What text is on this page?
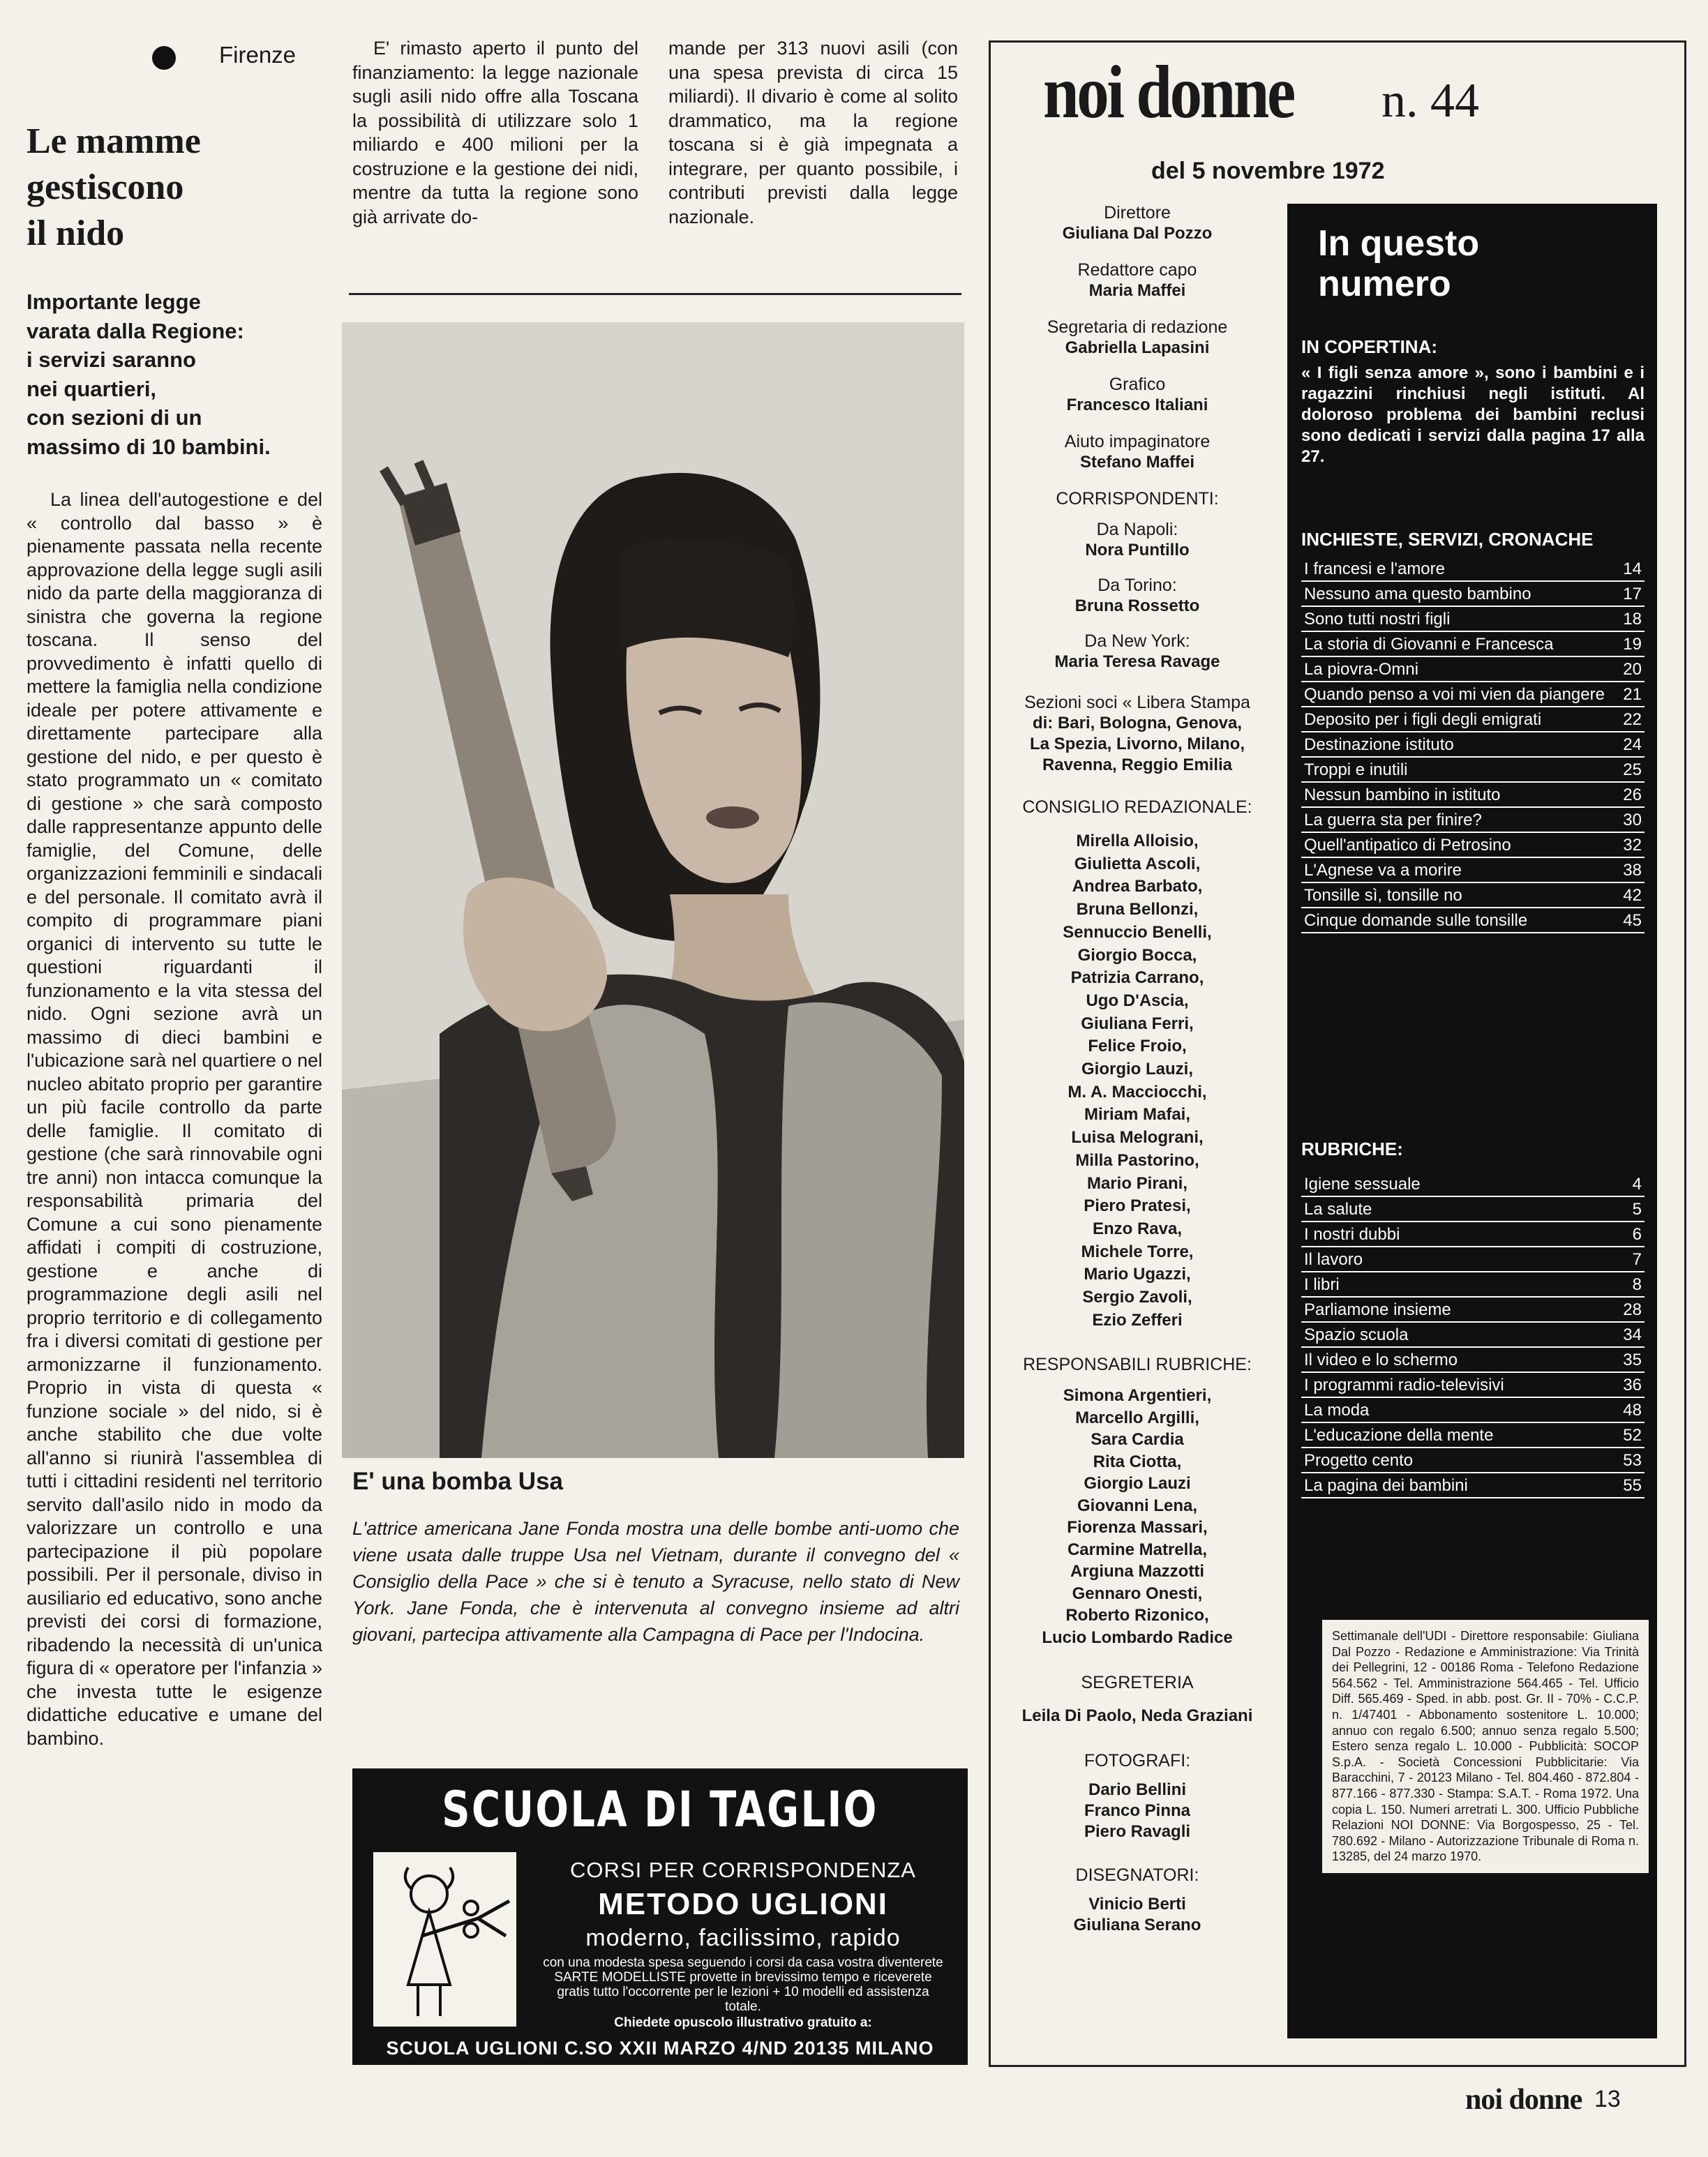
Firenze
Le mamme
gestiscono
il nido
Importante legge
varata dalla Regione:
i servizi saranno
nei quartieri,
con sezioni di un
massimo di 10 bambini.
La linea dell'autogestione e del « controllo dal basso » è pienamente passata nella recente approvazione della legge sugli asili nido da parte della maggioranza di sinistra che governa la regione toscana. Il senso del provvedimento è infatti quello di mettere la famiglia nella condizione ideale per potere attivamente e direttamente partecipare alla gestione del nido, e per questo è stato programmato un « comitato di gestione » che sarà composto dalle rappresentanze appunto delle famiglie, del Comune, delle organizzazioni femminili e sindacali e del personale. Il comitato avrà il compito di programmare piani organici di intervento su tutte le questioni riguardanti il funzionamento e la vita stessa del nido. Ogni sezione avrà un massimo di dieci bambini e l'ubicazione sarà nel quartiere o nel nucleo abitato proprio per garantire un più facile controllo da parte delle famiglie. Il comitato di gestione (che sarà rinnovabile ogni tre anni) non intacca comunque la responsabilità primaria del Comune a cui sono pienamente affidati i compiti di costruzione, gestione e anche di programmazione degli asili nel proprio territorio e di collegamento fra i diversi comitati di gestione per armonizzarne il funzionamento. Proprio in vista di questa « funzione sociale » del nido, si è anche stabilito che due volte all'anno si riunirà l'assemblea di tutti i cittadini residenti nel territorio servito dall'asilo nido in modo da valorizzare un controllo e una partecipazione il più popolare possibili. Per il personale, diviso in ausiliario ed educativo, sono anche previsti dei corsi di formazione, ribadendo la necessità di un'unica figura di « operatore per l'infanzia » che investa tutte le esigenze didattiche educative e umane del bambino.
E' rimasto aperto il punto del finanziamento: la legge nazionale sugli asili nido offre alla Toscana la possibilità di utilizzare solo 1 miliardo e 400 milioni per la costruzione e la gestione dei nidi, mentre da tutta la regione sono già arrivate do-
mande per 313 nuovi asili (con una spesa prevista di circa 15 miliardi). Il divario è come al solito drammatico, ma la regione toscana si è già impegnata a integrare, per quanto possibile, i contributi previsti dalla legge nazionale.
E' una bomba Usa
L'attrice americana Jane Fonda mostra una delle bombe anti-uomo che viene usata dalle truppe Usa nel Vietnam, durante il convegno del « Consiglio della Pace » che si è tenuto a Syracuse, nello stato di New York. Jane Fonda, che è intervenuta al convegno insieme ad altri giovani, partecipa attivamente alla Campagna di Pace per l'Indocina.
SCUOLA DI TAGLIO
CORSI PER CORRISPONDENZA
METODO UGLIONI
moderno, facilissimo, rapido
con una modesta spesa seguendo i corsi da casa vostra diventerete SARTE MODELLISTE provette in brevissimo tempo e riceverete gratis tutto l'occorrente per le lezioni + 10 modelli ed assistenza totale.
Chiedete opuscolo illustrativo gratuito a:
SCUOLA UGLIONI C.SO XXII MARZO 4/ND 20135 MILANO
noi donne n. 44
del 5 novembre 1972
Direttore
Giuliana Dal Pozzo
Redattore capo
Maria Maffei
Segretaria di redazione
Gabriella Lapasini
Grafico
Francesco Italiani
Aiuto impaginatore
Stefano Maffei
CORRISPONDENTI:
Da Napoli:
Nora Puntillo
Da Torino:
Bruna Rossetto
Da New York:
Maria Teresa Ravage
Sezioni soci « Libera Stampa
di: Bari, Bologna, Genova,
La Spezia, Livorno, Milano,
Ravenna, Reggio Emilia
CONSIGLIO REDAZIONALE:
Mirella Alloisio,
Giulietta Ascoli,
Andrea Barbato,
Bruna Bellonzi,
Sennuccio Benelli,
Giorgio Bocca,
Patrizia Carrano,
Ugo D'Ascia,
Giuliana Ferri,
Felice Froio,
Giorgio Lauzi,
M. A. Macciocchi,
Miriam Mafai,
Luisa Melograni,
Milla Pastorino,
Mario Pirani,
Piero Pratesi,
Enzo Rava,
Michele Torre,
Mario Ugazzi,
Sergio Zavoli,
Ezio Zefferi
RESPONSABILI RUBRICHE:
Simona Argentieri,
Marcello Argilli,
Sara Cardia
Rita Ciotta,
Giorgio Lauzi
Giovanni Lena,
Fiorenza Massari,
Carmine Matrella,
Argiuna Mazzotti
Gennaro Onesti,
Roberto Rizonico,
Lucio Lombardo Radice
SEGRETERIA
Leila Di Paolo, Neda Graziani
FOTOGRAFI:
Dario Bellini
Franco Pinna
Piero Ravagli
DISEGNATORI:
Vinicio Berti
Giuliana Serano
In questo numero
IN COPERTINA:
« I figli senza amore », sono i bambini e i ragazzini rinchiusi negli istituti. Al doloroso problema dei bambini reclusi sono dedicati i servizi dalla pagina 17 alla 27.
INCHIESTE, SERVIZI, CRONACHE
I francesi e l'amore	14
Nessuno ama questo bambino	17
Sono tutti nostri figli	18
La storia di Giovanni e Francesca	19
La piovra-Omni	20
Quando penso a voi mi vien da piangere	21
Deposito per i figli degli emigrati	22
Destinazione istituto	24
Troppi e inutili	25
Nessun bambino in istituto	26
La guerra sta per finire?	30
Quell'antipatico di Petrosino	32
L'Agnese va a morire	38
Tonsille sì, tonsille no	42
Cinque domande sulle tonsille	45
RUBRICHE:
Igiene sessuale	4
La salute	5
I nostri dubbi	6
Il lavoro	7
I libri	8
Parliamone insieme	28
Spazio scuola	34
Il video e lo schermo	35
I programmi radio-televisivi	36
La moda	48
L'educazione della mente	52
Progetto cento	53
La pagina dei bambini	55
Settimanale dell'UDI - Direttore responsabile: Giuliana Dal Pozzo - Redazione e Amministrazione: Via Trinità dei Pellegrini, 12 - 00186 Roma - Telefono Redazione 564.562 - Tel. Amministrazione 564.465 - Tel. Ufficio Diff. 565.469 - Sped. in abb. post. Gr. II - 70% - C.C.P. n. 1/47401 - Abbonamento sostenitore L. 10.000; annuo con regalo 6.500; annuo senza regalo 5.500; Estero senza regalo L. 10.000 - Pubblicità: SOCOP S.p.A. - Società Concessioni Pubblicitarie: Via Baracchini, 7 - 20123 Milano - Tel. 804.460 - 872.804 - 877.166 - 877.330 - Stampa: S.A.T. - Roma 1972. Una copia L. 150. Numeri arretrati L. 300. Ufficio Pubbliche Relazioni NOI DONNE: Via Borgospesso, 25 - Tel. 780.692 - Milano - Autorizzazione Tribunale di Roma n. 13285, del 24 marzo 1970.
noi donne 13
